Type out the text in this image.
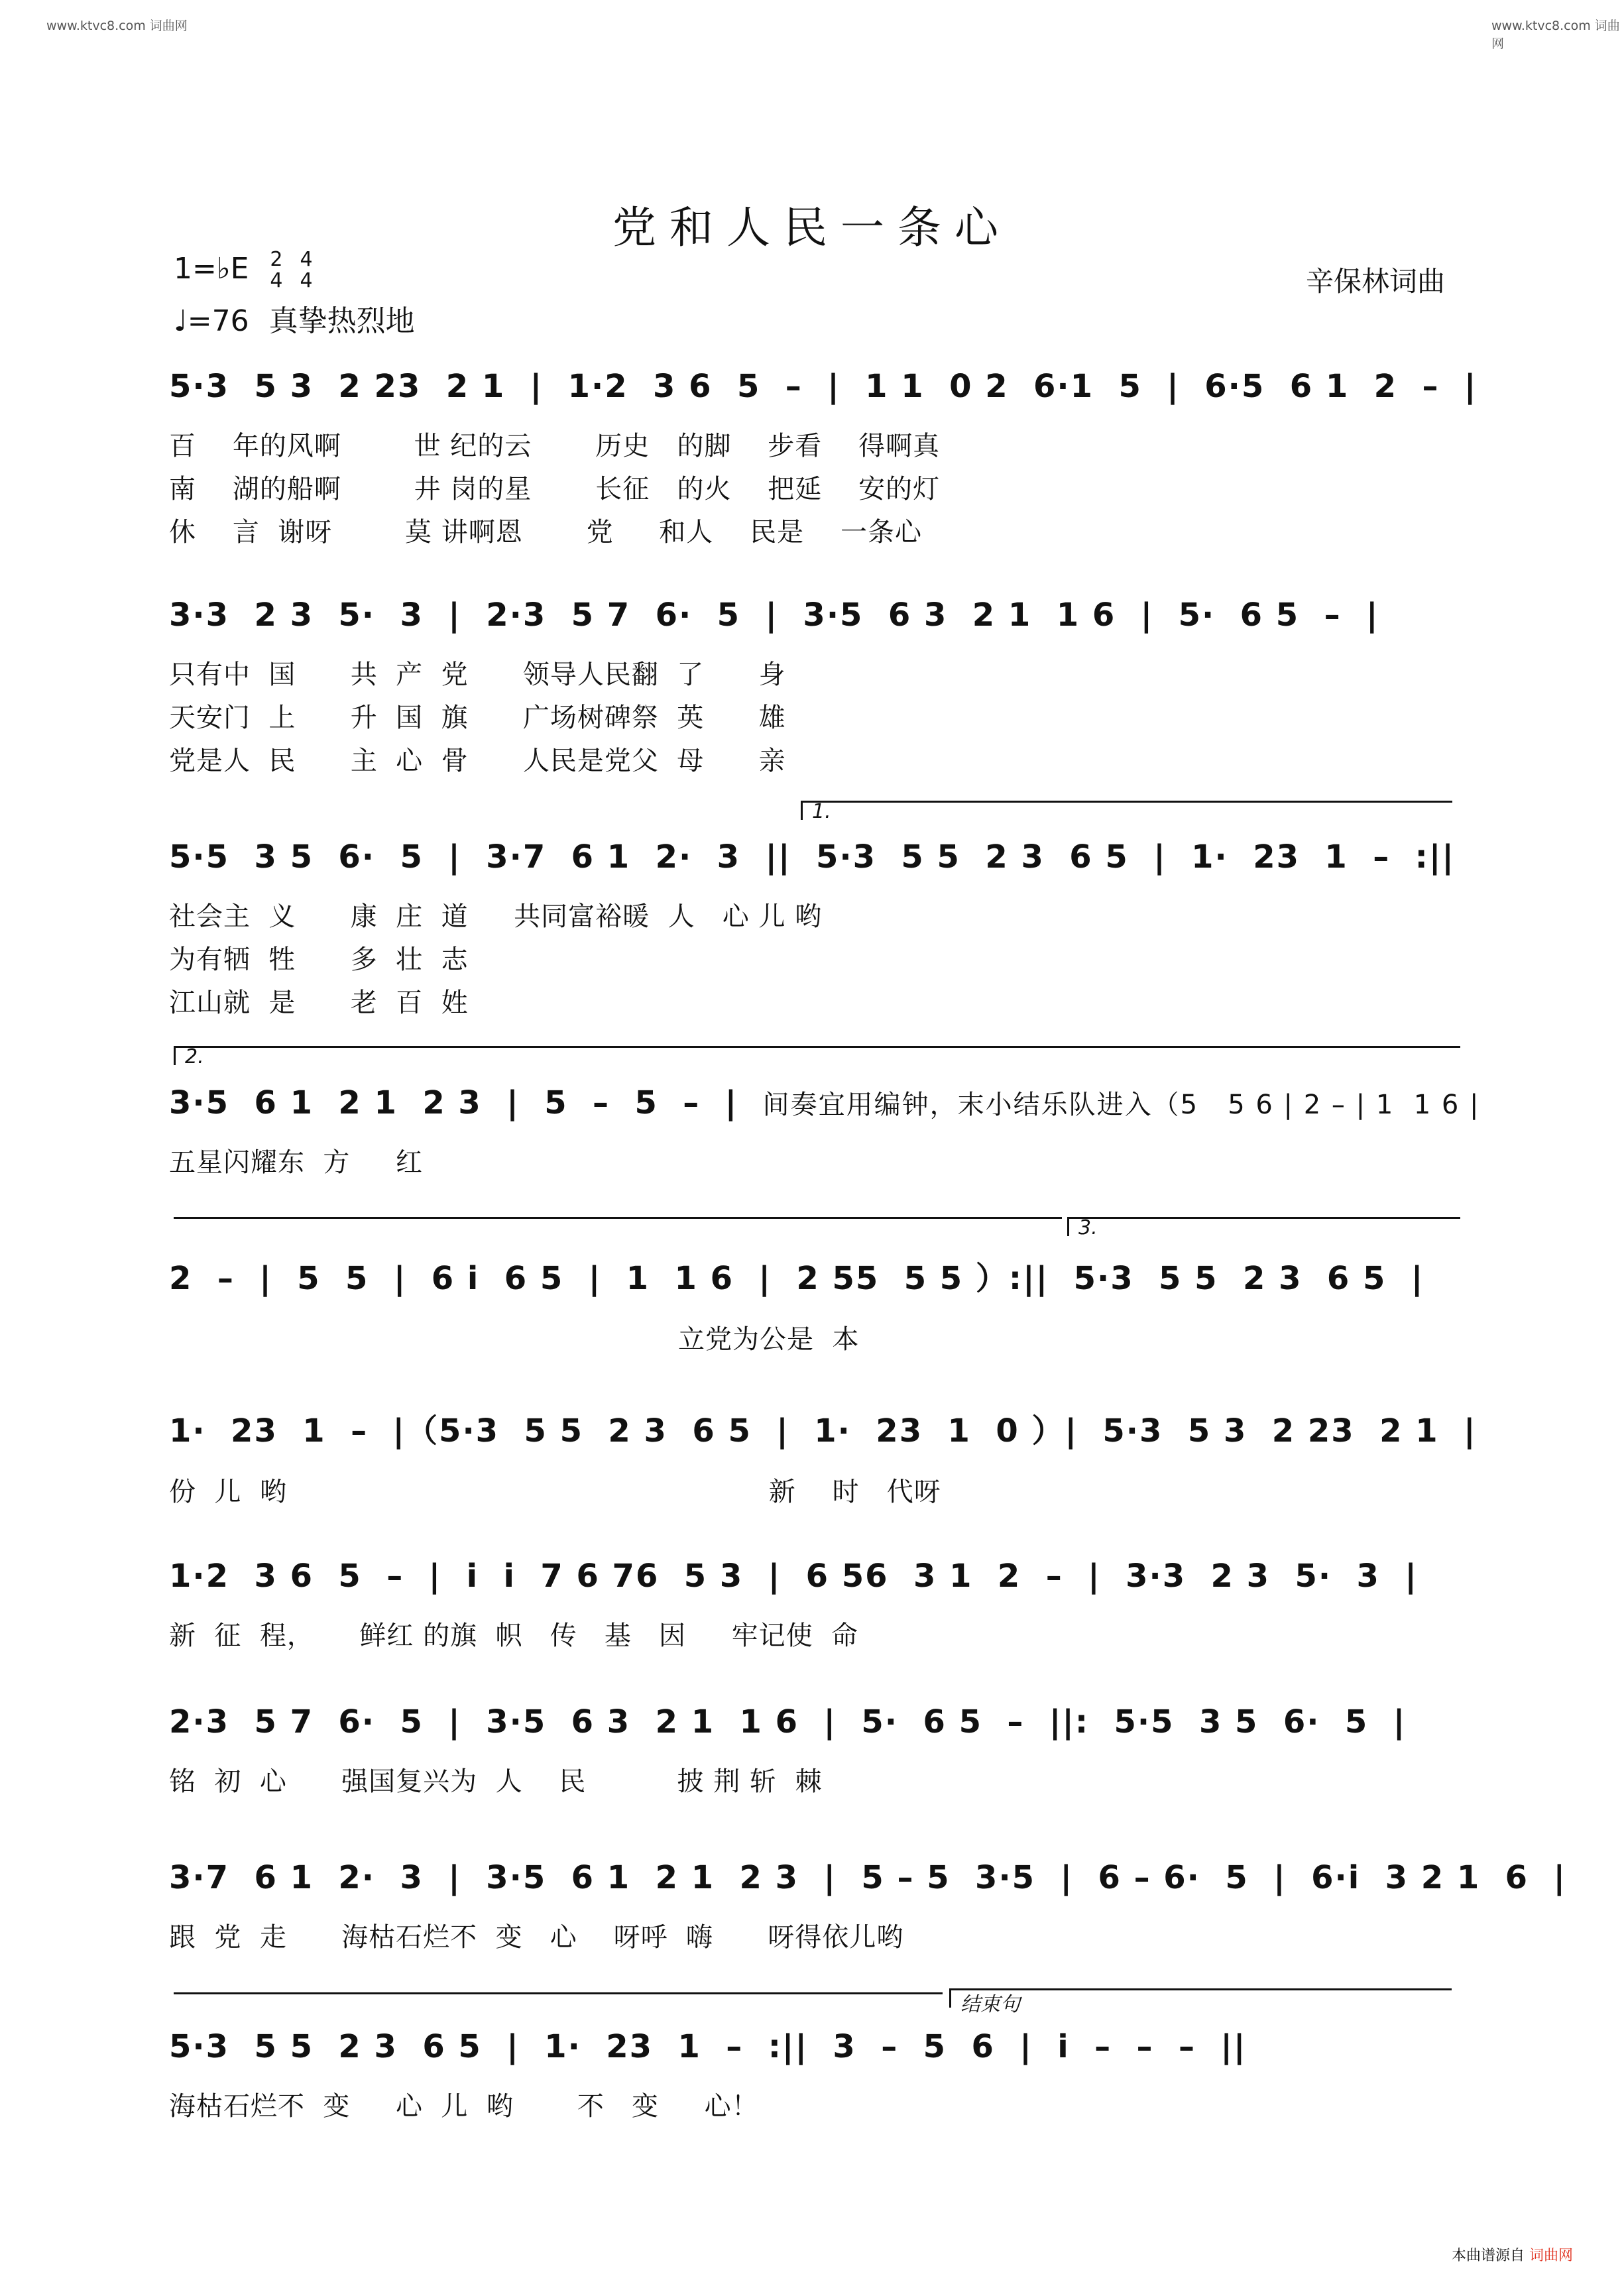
www.ktvc8.com 词曲网	www.ktvc8.com 词曲网
党和人民一条心
1=♭E 2
4 4
4
♩=76 真挚热烈地
辛保林词曲
5·3  5 3  2 23  2 1  |  1·2  3 6  5  –  |  1 1  0 2  6·1  5  |  6·5  6 1  2  –  |
百    年的风啊        世 纪的云       历史   的脚    步看    得啊真
南    湖的船啊        井 岗的星       长征   的火    把延    安的灯
休    言  谢呀        莫 讲啊恩       党     和人    民是    一条心
3·3  2 3  5·  3  |  2·3  5 7  6·  5  |  3·5  6 3  2 1  1 6  |  5·  6 5  –  |
只有中  国      共  产  党      领导人民翻  了      身
天安门  上      升  国  旗      广场树碑祭  英      雄
党是人  民      主  心  骨      人民是党父  母      亲
1.
5·5  3 5  6·  5  |  3·7  6 1  2·  3  ||  5·3  5 5  2 3  6 5  |  1·  23  1  –  :||
社会主  义      康  庄  道     共同富裕暖  人   心 儿 哟
为有牺  牲      多  壮  志
江山就  是      老  百  姓
2.
3·5  6 1  2 1  2 3  |  5  –  5  –  | 间奏宜用编钟，末小结乐队进入（5   5 6 | 2 – | 1  1 6 |
五星闪耀东  方     红
3.
2  –  |  5  5  |  6 i  6 5  |  1  1 6  |  2 55  5 5 ）:||  5·3  5 5  2 3  6 5  |
立党为公是  本
1·  23  1  –  |（5·3  5 5  2 3  6 5  |  1·  23  1  0 ）|  5·3  5 3  2 23  2 1  |
份  儿  哟                                                     新    时   代呀
1·2  3 6  5  –  |  i  i  7 6 76  5 3  |  6 56  3 1  2  –  |  3·3  2 3  5·  3  |
新  征  程，     鲜红 的旗  帜   传   基   因     牢记使  命
2·3  5 7  6·  5  |  3·5  6 3  2 1  1 6  |  5·  6 5  –  ||:  5·5  3 5  6·  5  |
铭  初  心      强国复兴为  人    民          披 荆 斩  棘
3·7  6 1  2·  3  |  3·5  6 1  2 1  2 3  |  5 – 5  3·5  |  6 – 6·  5  |  6·i  3 2 1  6  |
跟  党  走      海枯石烂不  变   心    呀呼  嗨      呀得依儿哟
结束句
5·3  5 5  2 3  6 5  |  1·  23  1  –  :||  3  –  5  6  |  i  –  –  –  ||
海枯石烂不  变     心  儿  哟       不   变     心！
本曲谱源自 词曲网
